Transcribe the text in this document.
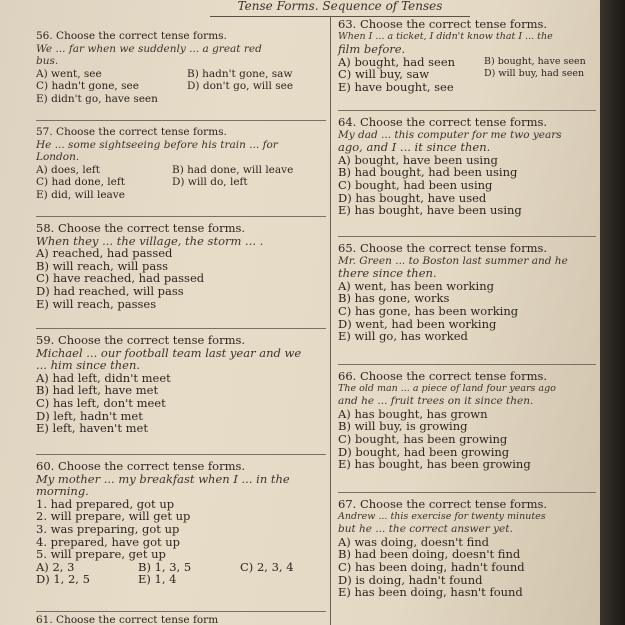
Tense Forms. Sequence of Tenses
56. Choose the correct tense forms.
We ... far when we suddenly ... a great red
bus.
A) went, see	B) hadn't gone, saw
C) hadn't gone, see	D) don't go, will see
E) didn't go, have seen
57. Choose the correct tense forms.
He ... some sightseeing before his train ... for
London.
A) does, left	B) had done, will leave
C) had done, left	D) will do, left
E) did, will leave
58. Choose the correct tense forms.
When they ... the village, the storm ... .
A) reached, had passed
B) will reach, will pass
C) have reached, had passed
D) had reached, will pass
E) will reach, passes
59. Choose the correct tense forms.
Michael ... our football team last year and we
... him since then.
A) had left, didn't meet
B) had left, have met
C) has left, don't meet
D) left, hadn't met
E) left, haven't met
60. Choose the correct tense forms.
My mother ... my breakfast when I ... in the
morning.
1. had prepared, got up
2. will prepare, will get up
3. was preparing, got up
4. prepared, have got up
5. will prepare, get up
A) 2, 3	B) 1, 3, 5	C) 2, 3, 4
D) 1, 2, 5	E) 1, 4
61. Choose the correct tense form
63. Choose the correct tense forms.
When I ... a ticket, I didn't know that I ... the
film before.
A) bought, had seen	B) bought, have seen
C) will buy, saw	D) will buy, had seen
E) have bought, see
64. Choose the correct tense forms.
My dad ... this computer for me two years
ago, and I ... it since then.
A) bought, have been using
B) had bought, had been using
C) bought, had been using
D) has bought, have used
E) has bought, have been using
65. Choose the correct tense forms.
Mr. Green ... to Boston last summer and he
there since then.
A) went, has been working
B) has gone, works
C) has gone, has been working
D) went, had been working
E) will go, has worked
66. Choose the correct tense forms.
The old man ... a piece of land four years ago
and he ... fruit trees on it since then.
A) has bought, has grown
B) will buy, is growing
C) bought, has been growing
D) bought, had been growing
E) has bought, has been growing
67. Choose the correct tense forms.
Andrew ... this exercise for twenty minutes
but he ... the correct answer yet.
A) was doing, doesn't find
B) had been doing, doesn't find
C) has been doing, hadn't found
D) is doing, hadn't found
E) has been doing, hasn't found
